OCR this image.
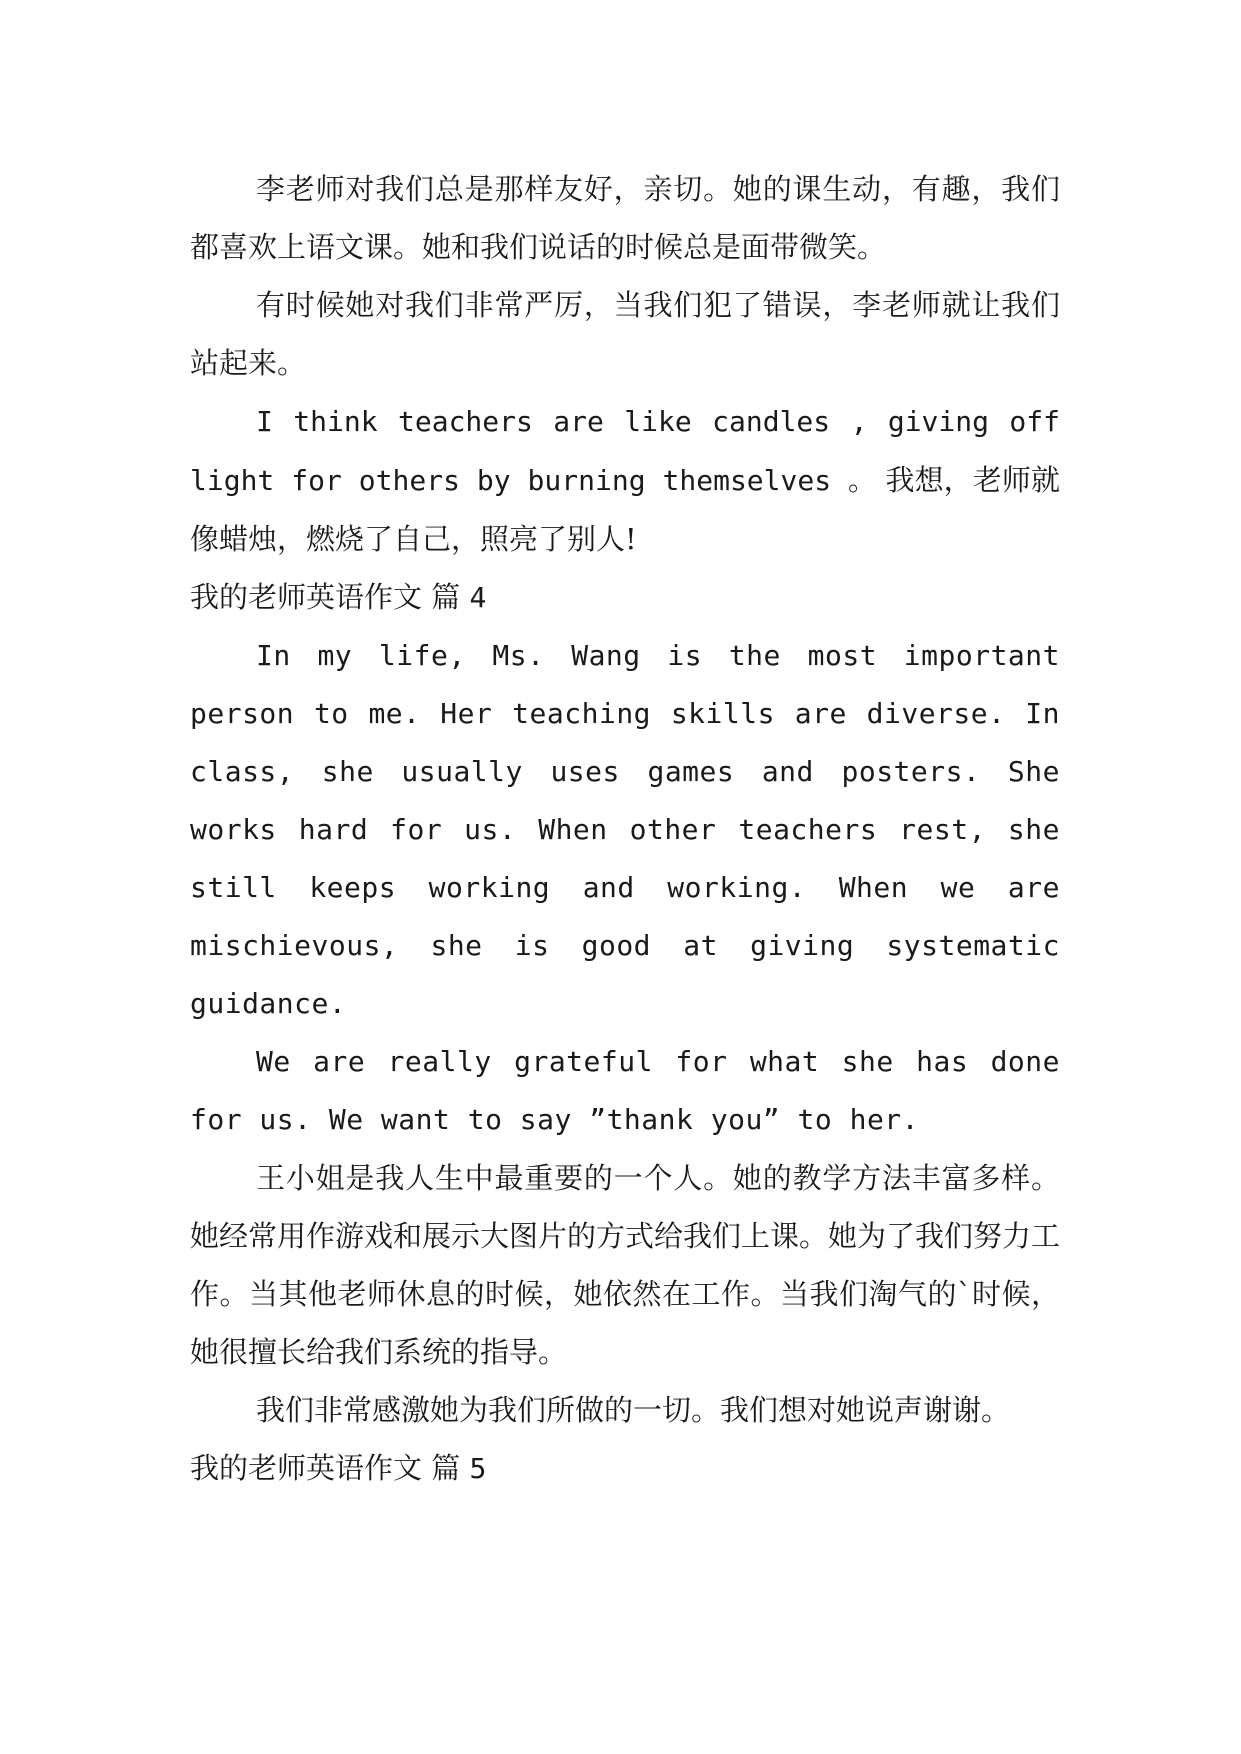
李老师对我们总是那样友好，亲切。她的课生动，有趣，我们都喜欢上语文课。她和我们说话的时候总是面带微笑。

有时候她对我们非常严厉，当我们犯了错误，李老师就让我们站起来。

I think teachers are like candles , giving off light for others by burning themselves 。 我想，老师就像蜡烛，燃烧了自己，照亮了别人!

我的老师英语作文 篇 4

In my life, Ms. Wang is the most important person to me. Her teaching skills are diverse. In class, she usually uses games and posters. She works hard for us. When other teachers rest, she still keeps working and working. When we are mischievous, she is good at giving systematic guidance.

We are really grateful for what she has done for us. We want to say ”thank you” to her.

王小姐是我人生中最重要的一个人。她的教学方法丰富多样。她经常用作游戏和展示大图片的方式给我们上课。她为了我们努力工作。当其他老师休息的时候，她依然在工作。当我们淘气的`时候，她很擅长给我们系统的指导。

我们非常感激她为我们所做的一切。我们想对她说声谢谢。

我的老师英语作文 篇 5
